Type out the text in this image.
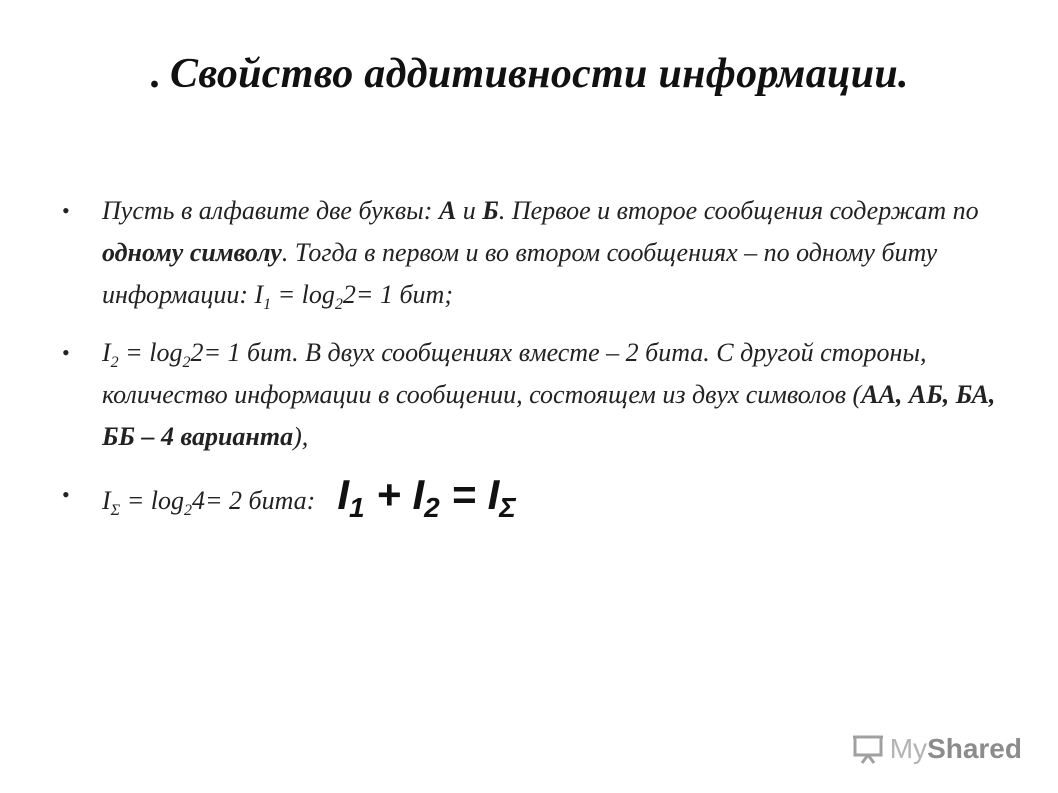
. Свойство аддитивности информации.
• Пусть в алфавите две буквы: А и Б. Первое и второе сообщения содержат по одному символу. Тогда в первом и во втором сообщениях – по одному биту информации: $I_1 = \log_22= 1$ бит;
• $I_2 = \log_22= 1$ бит. В двух сообщениях вместе – 2 бита. С другой стороны, количество информации в сообщении, состоящем из двух символов (АА, АБ, БА, ББ – 4 варианта),
• $I_\Sigma = \log_24= 2$ бита: $I_1 + I_2 = I_\Sigma$
My Shared
